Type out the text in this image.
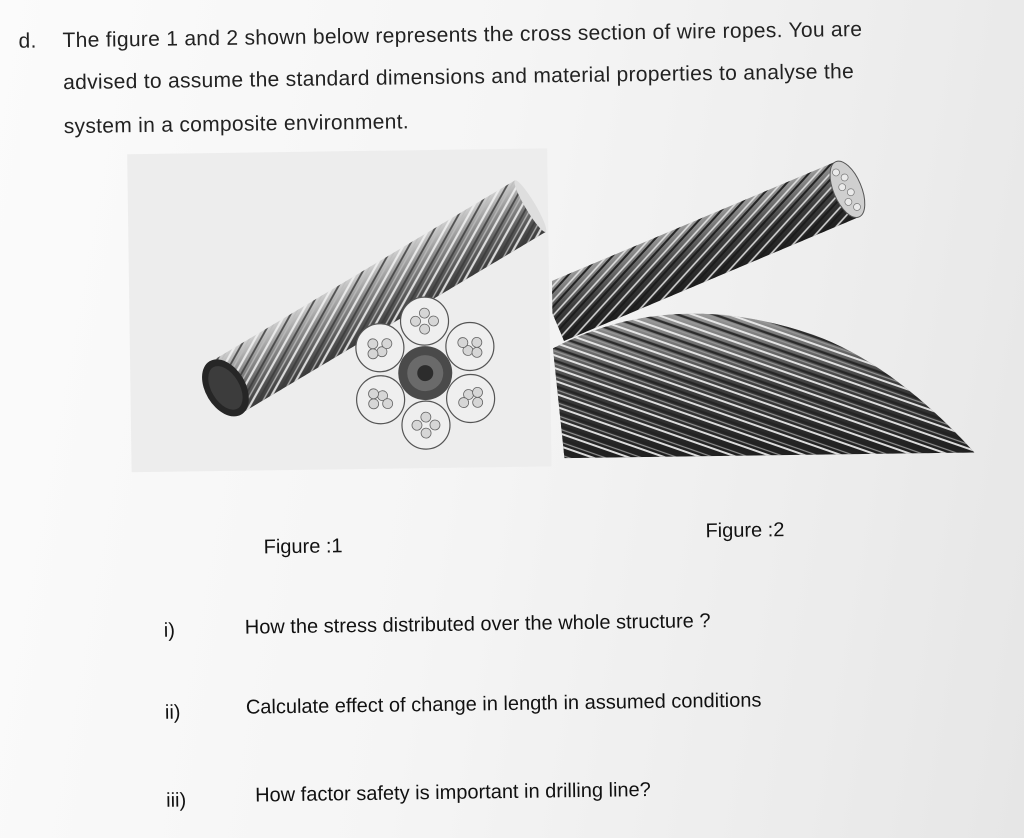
d. The figure 1 and 2 shown below represents the cross section of wire ropes. You are
advised to assume the standard dimensions and material properties to analyse the
system in a composite environment.
Figure :1
Figure :2
i)	How the stress distributed over the whole structure ?
ii)	Calculate effect of change in length in assumed conditions
iii)	How factor safety is important in drilling line?
